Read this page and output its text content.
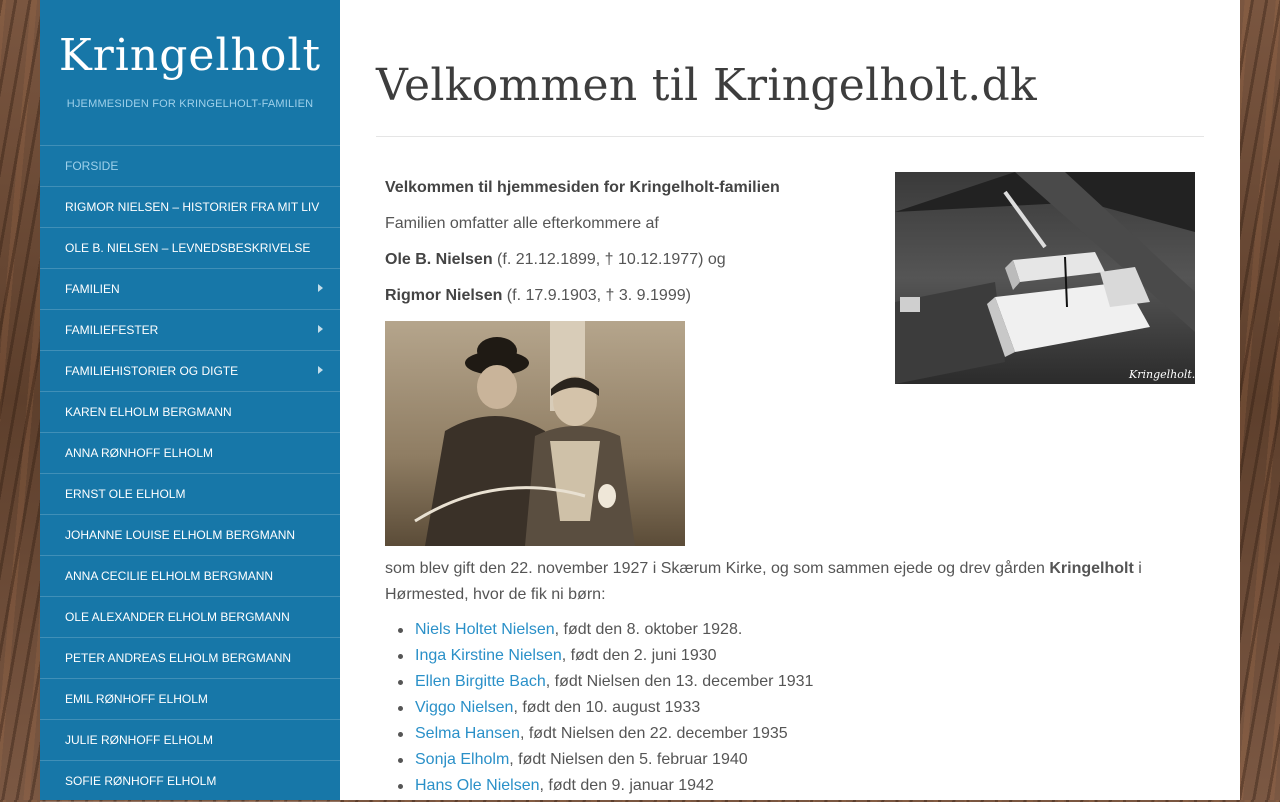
Kringelholt
HJEMMESIDEN FOR KRINGELHOLT-FAMILIEN
FORSIDE
RIGMOR NIELSEN – HISTORIER FRA MIT LIV
OLE B. NIELSEN – LEVNEDSBESKRIVELSE
FAMILIEN
FAMILIEFESTER
FAMILIEHISTORIER OG DIGTE
KAREN ELHOLM BERGMANN
ANNA RØNHOFF ELHOLM
ERNST OLE ELHOLM
JOHANNE LOUISE ELHOLM BERGMANN
ANNA CECILIE ELHOLM BERGMANN
OLE ALEXANDER ELHOLM BERGMANN
PETER ANDREAS ELHOLM BERGMANN
EMIL RØNHOFF ELHOLM
JULIE RØNHOFF ELHOLM
SOFIE RØNHOFF ELHOLM
Velkommen til Kringelholt.dk

Velkommen til hjemmesiden for Kringelholt-familien

Familien omfatter alle efterkommere af

Ole B. Nielsen (f. 21.12.1899, † 10.12.1977) og

Rigmor Nielsen (f. 17.9.1903, † 3. 9.1999)

Kringelholt.
som blev gift den 22. november 1927 i Skærum Kirke, og som sammen ejede og drev gården Kringelholt i Hørmested, hvor de fik ni børn:
Niels Holtet Nielsen, født den 8. oktober 1928.
Inga Kirstine Nielsen, født den 2. juni 1930
Ellen Birgitte Bach, født Nielsen den 13. december 1931
Viggo Nielsen, født den 10. august 1933
Selma Hansen, født Nielsen den 22. december 1935
Sonja Elholm, født Nielsen den 5. februar 1940
Hans Ole Nielsen, født den 9. januar 1942
